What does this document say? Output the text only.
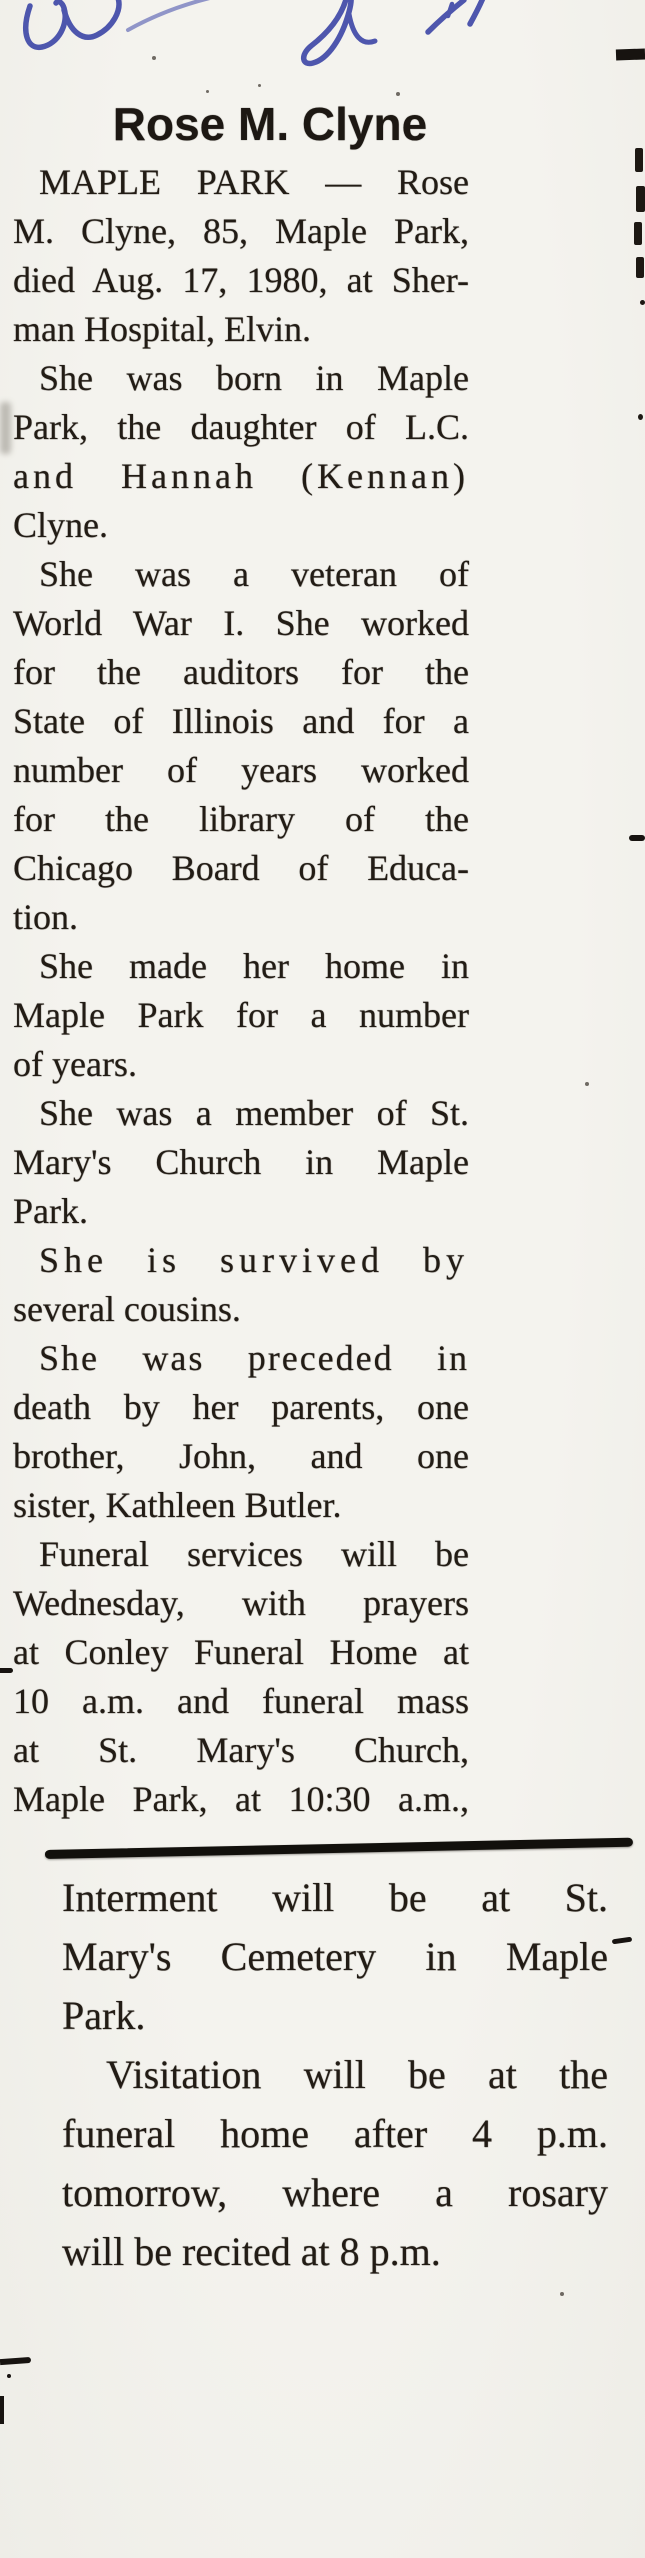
Rose M. Clyne
MAPLE PARK — Rose
M. Clyne, 85, Maple Park,
died Aug. 17, 1980, at Sher-
man Hospital, Elvin.
She was born in Maple
Park, the daughter of L.C.
and Hannah (Kennan)
Clyne.
She was a veteran of
World War I. She worked
for the auditors for the
State of Illinois and for a
number of years worked
for the library of the
Chicago Board of Educa-
tion.
She made her home in
Maple Park for a number
of years.
She was a member of St.
Mary's Church in Maple
Park.
She is survived by
several cousins.
She was preceded in
death by her parents, one
brother, John, and one
sister, Kathleen Butler.
Funeral services will be
Wednesday, with prayers
at Conley Funeral Home at
10 a.m. and funeral mass
at St. Mary's Church,
Maple Park, at 10:30 a.m.,
Interment will be at St.
Mary's Cemetery in Maple
Park.
Visitation will be at the
funeral home after 4 p.m.
tomorrow, where a rosary
will be recited at 8 p.m.
